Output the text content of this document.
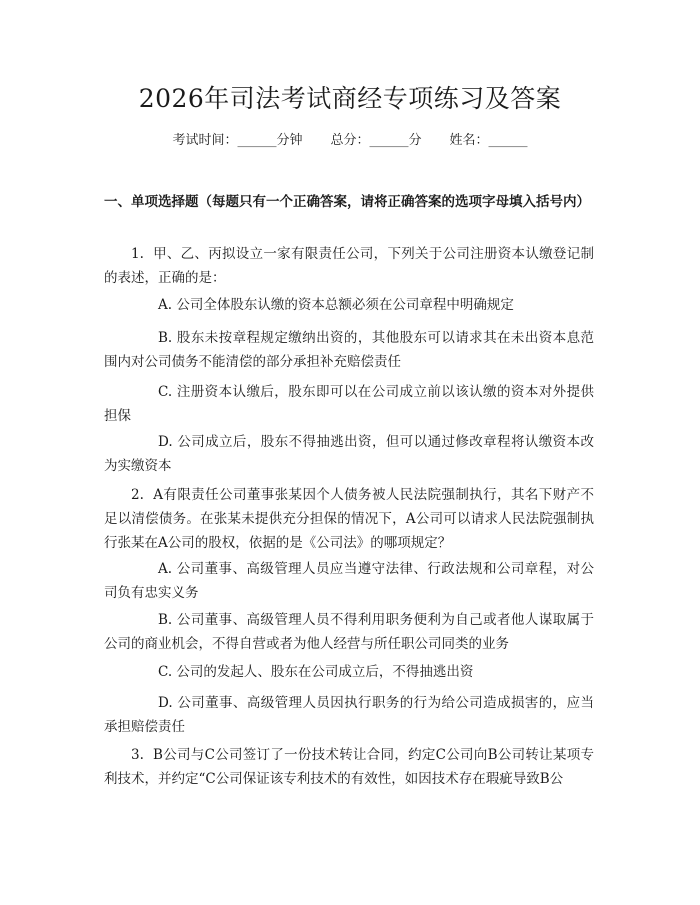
2026年司法考试商经专项练习及答案
考试时间：______分钟 总分：______分 姓名：______
一、单项选择题（每题只有一个正确答案，请将正确答案的选项字母填入括号内）
1. 甲、乙、丙拟设立一家有限责任公司，下列关于公司注册资本认缴登记制的表述，正确的是：
A. 公司全体股东认缴的资本总额必须在公司章程中明确规定
B. 股东未按章程规定缴纳出资的，其他股东可以请求其在未出资本息范围内对公司债务不能清偿的部分承担补充赔偿责任
C. 注册资本认缴后，股东即可以在公司成立前以该认缴的资本对外提供担保
D. 公司成立后，股东不得抽逃出资，但可以通过修改章程将认缴资本改为实缴资本
2. A有限责任公司董事张某因个人债务被人民法院强制执行，其名下财产不足以清偿债务。在张某未提供充分担保的情况下，A公司可以请求人民法院强制执行张某在A公司的股权，依据的是《公司法》的哪项规定？
A. 公司董事、高级管理人员应当遵守法律、行政法规和公司章程，对公司负有忠实义务
B. 公司董事、高级管理人员不得利用职务便利为自己或者他人谋取属于公司的商业机会，不得自营或者为他人经营与所任职公司同类的业务
C. 公司的发起人、股东在公司成立后，不得抽逃出资
D. 公司董事、高级管理人员因执行职务的行为给公司造成损害的，应当承担赔偿责任
3. B公司与C公司签订了一份技术转让合同，约定C公司向B公司转让某项专利技术，并约定“C公司保证该专利技术的有效性，如因技术存在瑕疵导致B公
